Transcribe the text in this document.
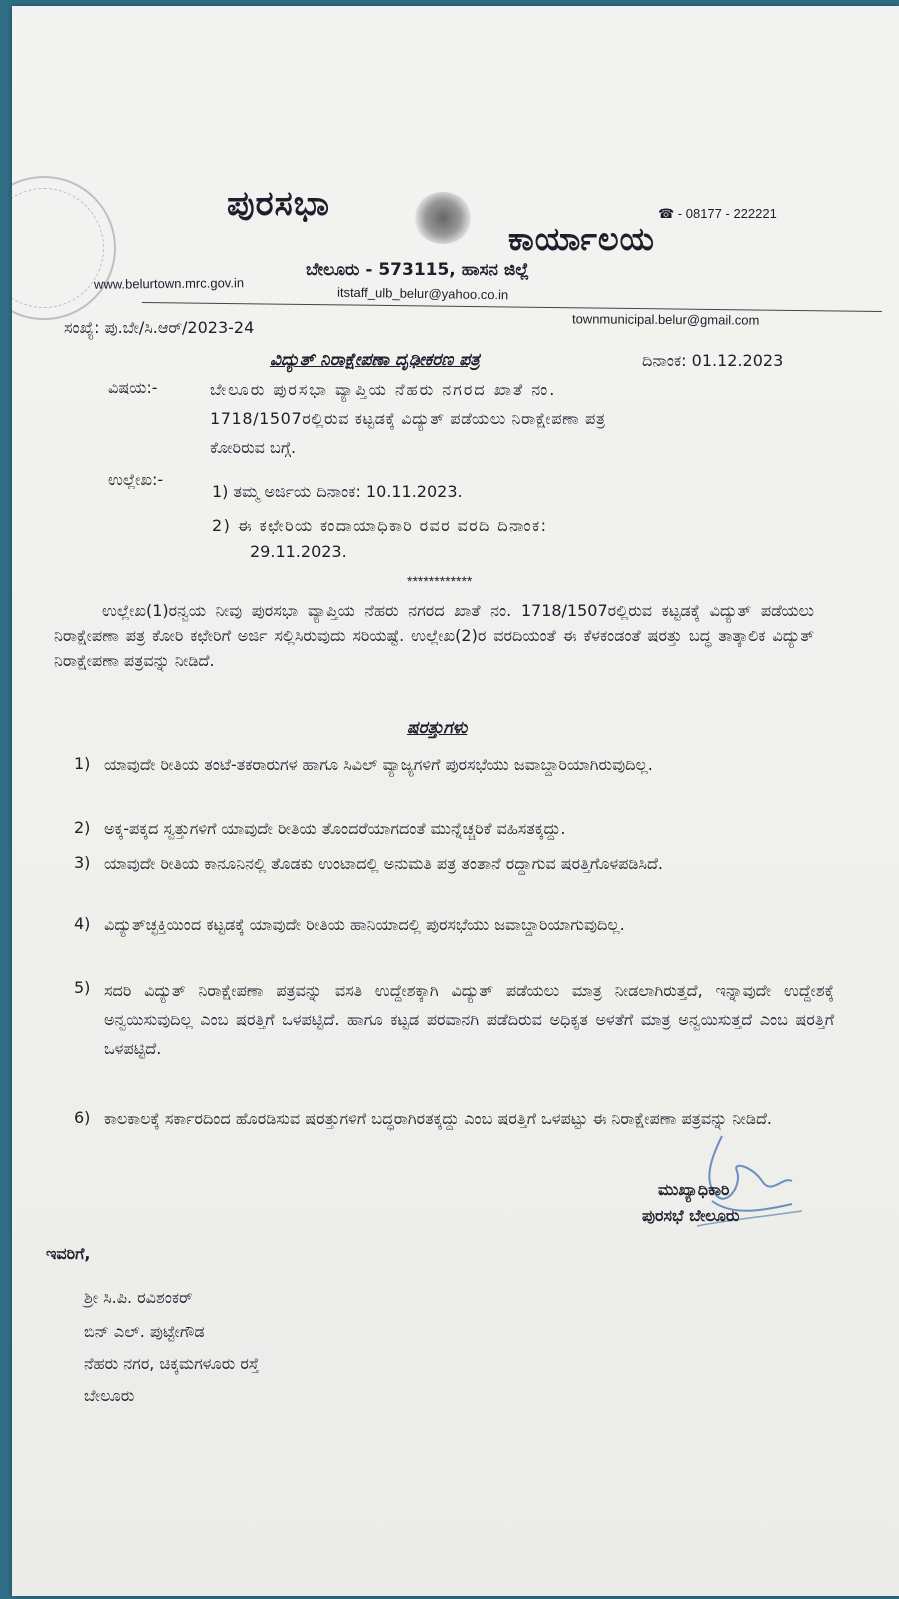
ಪುರಸಭಾ
ಕಾರ್ಯಾಲಯ
☎ - 08177 - 222221
ಬೇಲೂರು - 573115, ಹಾಸನ ಜಿಲ್ಲೆ
www.belurtown.mrc.gov.in
itstaff_ulb_belur@yahoo.co.in
townmunicipal.belur@gmail.com
ಸಂಖ್ಯೆ: ಪು.ಬೇ/ಸಿ.ಆರ್/2023-24
ದಿನಾಂಕ: 01.12.2023
ವಿದ್ಯುತ್ ನಿರಾಕ್ಷೇಪಣಾ ದೃಢೀಕರಣ ಪತ್ರ
ವಿಷಯ:-	ಬೇಲೂರು ಪುರಸಭಾ ವ್ಯಾಪ್ತಿಯ ನೆಹರು ನಗರದ ಖಾತೆ ನಂ.
1718/1507ರಲ್ಲಿರುವ ಕಟ್ಟಡಕ್ಕೆ ವಿದ್ಯುತ್ ಪಡೆಯಲು ನಿರಾಕ್ಷೇಪಣಾ ಪತ್ರ
ಕೋರಿರುವ ಬಗ್ಗೆ.
ಉಲ್ಲೇಖ:-
1) ತಮ್ಮ ಅರ್ಜಿಯ ದಿನಾಂಕ: 10.11.2023.
2) ಈ ಕಛೇರಿಯ ಕಂದಾಯಾಧಿಕಾರಿ ರವರ ವರದಿ ದಿನಾಂಕ:
29.11.2023.
************

ಉಲ್ಲೇಖ(1)ರನ್ವಯ ನೀವು ಪುರಸಭಾ ವ್ಯಾಪ್ತಿಯ ನೆಹರು ನಗರದ ಖಾತೆ ನಂ. 1718/1507ರಲ್ಲಿರುವ ಕಟ್ಟಡಕ್ಕೆ ವಿದ್ಯುತ್ ಪಡೆಯಲು ನಿರಾಕ್ಷೇಪಣಾ ಪತ್ರ ಕೋರಿ ಕಛೇರಿಗೆ ಅರ್ಜಿ ಸಲ್ಲಿಸಿರುವುದು ಸರಿಯಷ್ಟೆ. ಉಲ್ಲೇಖ(2)ರ ವರದಿಯಂತೆ ಈ ಕೆಳಕಂಡಂತೆ ಷರತ್ತು ಬದ್ಧ ತಾತ್ಕಾಲಿಕ ವಿದ್ಯುತ್ ನಿರಾಕ್ಷೇಪಣಾ ಪತ್ರವನ್ನು ನೀಡಿದೆ.

ಷರತ್ತುಗಳು
1) ಯಾವುದೇ ರೀತಿಯ ತಂಟೆ-ತಕರಾರುಗಳ ಹಾಗೂ ಸಿವಿಲ್ ವ್ಯಾಜ್ಯಗಳಿಗೆ ಪುರಸಭೆಯು ಜವಾಬ್ದಾರಿಯಾಗಿರುವುದಿಲ್ಲ.

2) ಅಕ್ಕ-ಪಕ್ಕದ ಸ್ವತ್ತುಗಳಿಗೆ ಯಾವುದೇ ರೀತಿಯ ತೊಂದರೆಯಾಗದಂತೆ ಮುನ್ನೆಚ್ಚರಿಕೆ ವಹಿಸತಕ್ಕದ್ದು.

3) ಯಾವುದೇ ರೀತಿಯ ಕಾನೂನಿನಲ್ಲಿ ತೊಡಕು ಉಂಟಾದಲ್ಲಿ ಅನುಮತಿ ಪತ್ರ ತಂತಾನೆ ರದ್ದಾಗುವ ಷರತ್ತಿಗೊಳಪಡಿಸಿದೆ.

4) ವಿದ್ಯುತ್‌ಚ್ಛಕ್ತಿಯಿಂದ ಕಟ್ಟಡಕ್ಕೆ ಯಾವುದೇ ರೀತಿಯ ಹಾನಿಯಾದಲ್ಲಿ ಪುರಸಭೆಯು ಜವಾಬ್ದಾರಿಯಾಗುವುದಿಲ್ಲ.

5) ಸದರಿ ವಿದ್ಯುತ್ ನಿರಾಕ್ಷೇಪಣಾ ಪತ್ರವನ್ನು ವಸತಿ ಉದ್ದೇಶಕ್ಕಾಗಿ ವಿದ್ಯುತ್ ಪಡೆಯಲು ಮಾತ್ರ ನೀಡಲಾಗಿರುತ್ತದೆ, ಇನ್ನಾವುದೇ ಉದ್ದೇಶಕ್ಕೆ ಅನ್ವಯಿಸುವುದಿಲ್ಲ ಎಂಬ ಷರತ್ತಿಗೆ ಒಳಪಟ್ಟಿದೆ. ಹಾಗೂ ಕಟ್ಟಡ ಪರವಾನಗಿ ಪಡೆದಿರುವ ಅಧಿಕೃತ ಅಳತೆಗೆ ಮಾತ್ರ ಅನ್ವಯಿಸುತ್ತದೆ ಎಂಬ ಷರತ್ತಿಗೆ ಒಳಪಟ್ಟಿದೆ.

6) ಕಾಲಕಾಲಕ್ಕೆ ಸರ್ಕಾರದಿಂದ ಹೊರಡಿಸುವ ಷರತ್ತುಗಳಿಗೆ ಬದ್ಧರಾಗಿರತಕ್ಕದ್ದು ಎಂಬ ಷರತ್ತಿಗೆ ಒಳಪಟ್ಟು ಈ ನಿರಾಕ್ಷೇಪಣಾ ಪತ್ರವನ್ನು ನೀಡಿದೆ.

ಮುಖ್ಯಾಧಿಕಾರಿ
ಪುರಸಭೆ ಬೇಲೂರು
ಇವರಿಗೆ,
ಶ್ರೀ ಸಿ.ಪಿ. ರವಿಶಂಕರ್
ಬಿನ್ ಎಲ್. ಪುಟ್ಟೇಗೌಡ
ನೆಹರು ನಗರ, ಚಿಕ್ಕಮಗಳೂರು ರಸ್ತೆ
ಬೇಲೂರು
